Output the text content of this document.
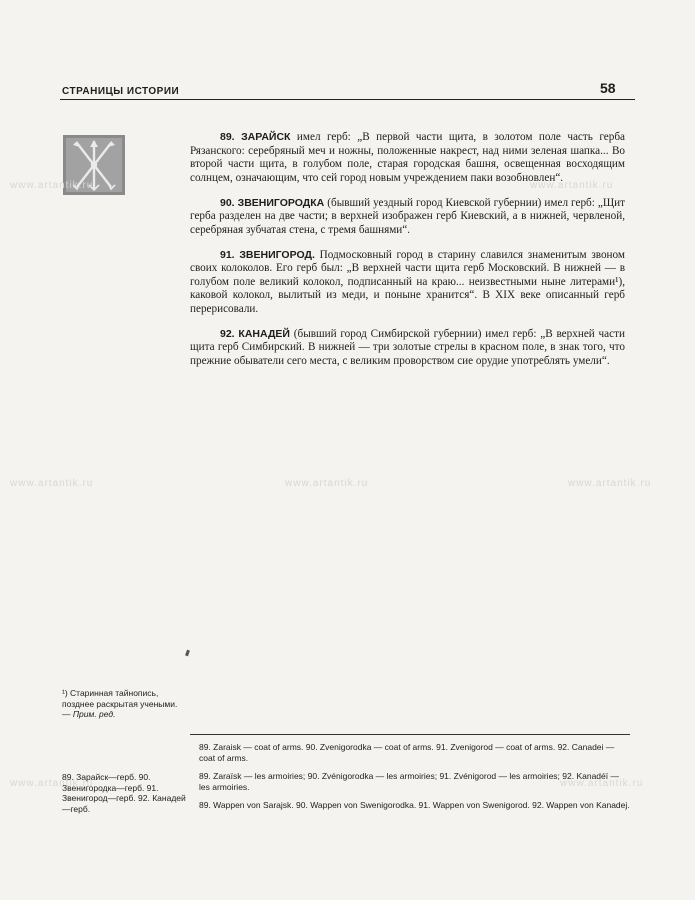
СТРАНИЦЫ ИСТОРИИ	58
www.artantik.ru	www.artantik.ru
www.artantik.ru	www.artantik.ru	www.artantik.ru
www.artantik.ru	www.artantik.ru

89. ЗАРАЙСК имел герб: „В первой части щита, в золотом поле часть герба Рязанского: серебряный меч и ножны, положенные накрест, над ними зеленая шапка... Во второй части щита, в голубом поле, старая городская башня, освещенная восходящим солнцем, означающим, что сей город новым учреждением паки возобновлен“.

90. ЗВЕНИГОРОДКА (бывший уездный город Киевской губернии) имел герб: „Щит герба разделен на две части; в верхней изображен герб Киевский, а в нижней, червленой, серебряная зубчатая стена, с тремя башнями“.

91. ЗВЕНИГОРОД. Подмосковный город в старину славился знаменитым звоном своих колоколов. Его герб был: „В верхней части щита герб Московский. В нижней — в голубом поле великий колокол, подписанный на краю... неизвестными ныне литерами¹), каковой колокол, вылитый из меди, и поныне хранится“. В XIX веке описанный герб перерисовали.

92. КАНАДЕЙ (бывший город Симбирской губернии) имел герб: „В верхней части щита герб Симбирский. В нижней — три золотые стрелы в красном поле, в знак того, что прежние обыватели сего места, с великим проворством сие орудие употреблять умели“.

¹) Старинная тайнопись, позднее раскрытая учеными. — Прим. ред.
89. Зарайск—герб. 90. Звенигородка—герб. 91. Звенигород—герб. 92. Канадей—герб.
89. Zaraisk — coat of arms. 90. Zvenigorodka — coat of arms. 91. Zvenigorod — coat of arms. 92. Canadei — coat of arms.
89. Zaraïsk — les armoiries; 90. Zvénigorodka — les armoiries; 91. Zvénigorod — les armoiries; 92. Kanadéï — les armoiries.
89. Wappen von Sarajsk. 90. Wappen von Swenigorodka. 91. Wappen von Swenigorod. 92. Wappen von Kanadej.
